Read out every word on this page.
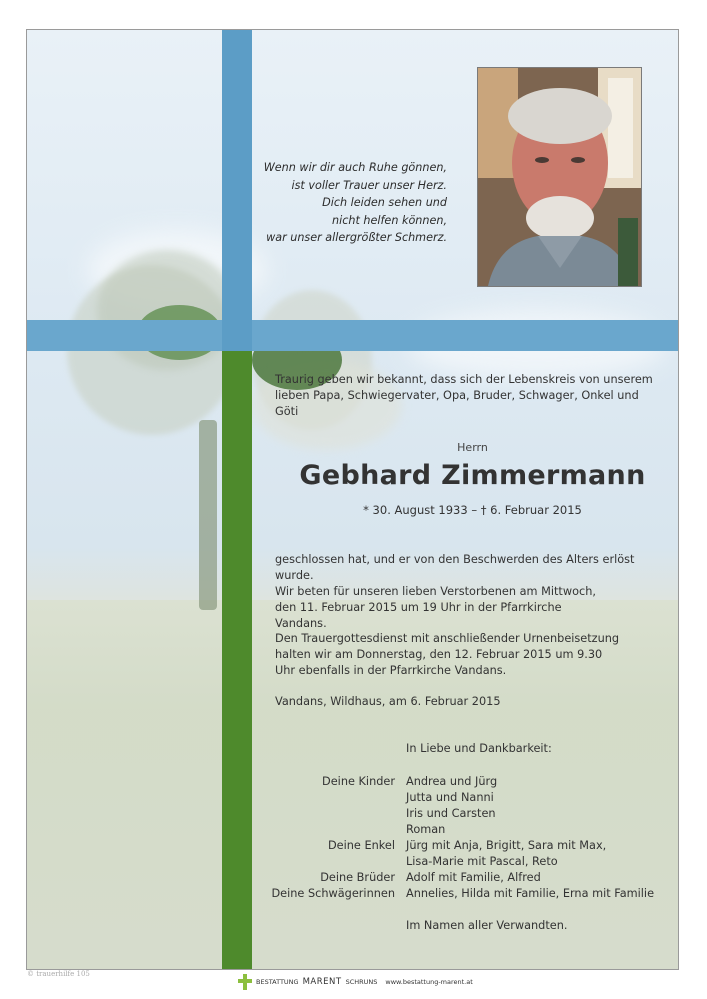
Wenn wir dir auch Ruhe gönnen,
ist voller Trauer unser Herz.
Dich leiden sehen und
nicht helfen können,
war unser allergrößter Schmerz.
Traurig geben wir bekannt, dass sich der Lebenskreis von unserem lieben Papa, Schwiegervater, Opa, Bruder, Schwager, Onkel und Göti
Herrn
Gebhard Zimmermann
* 30. August 1933 – † 6. Februar 2015
geschlossen hat, und er von den Beschwerden des Alters erlöst wurde.
Wir beten für unseren lieben Verstorbenen am Mittwoch, den 11. Februar 2015 um 19 Uhr in der Pfarrkirche Vandans.
Den Trauergottesdienst mit anschließender Urnenbeisetzung halten wir am Donnerstag, den 12. Februar 2015 um 9.30 Uhr ebenfalls in der Pfarrkirche Vandans.
Vandans, Wildhaus, am 6. Februar 2015
In Liebe und Dankbarkeit:
Deine Kinder
Deine Enkel
Deine Brüder
Deine Schwägerinnen
Andrea und Jürg
Jutta und Nanni
Iris und Carsten
Roman
Jürg mit Anja, Brigitt, Sara mit Max,
Lisa-Marie mit Pascal, Reto
Adolf mit Familie, Alfred
Annelies, Hilda mit Familie, Erna mit Familie
Im Namen aller Verwandten.
© trauerhilfe 105
BESTATTUNG MARENT SCHRUNS www.bestattung-marent.at
